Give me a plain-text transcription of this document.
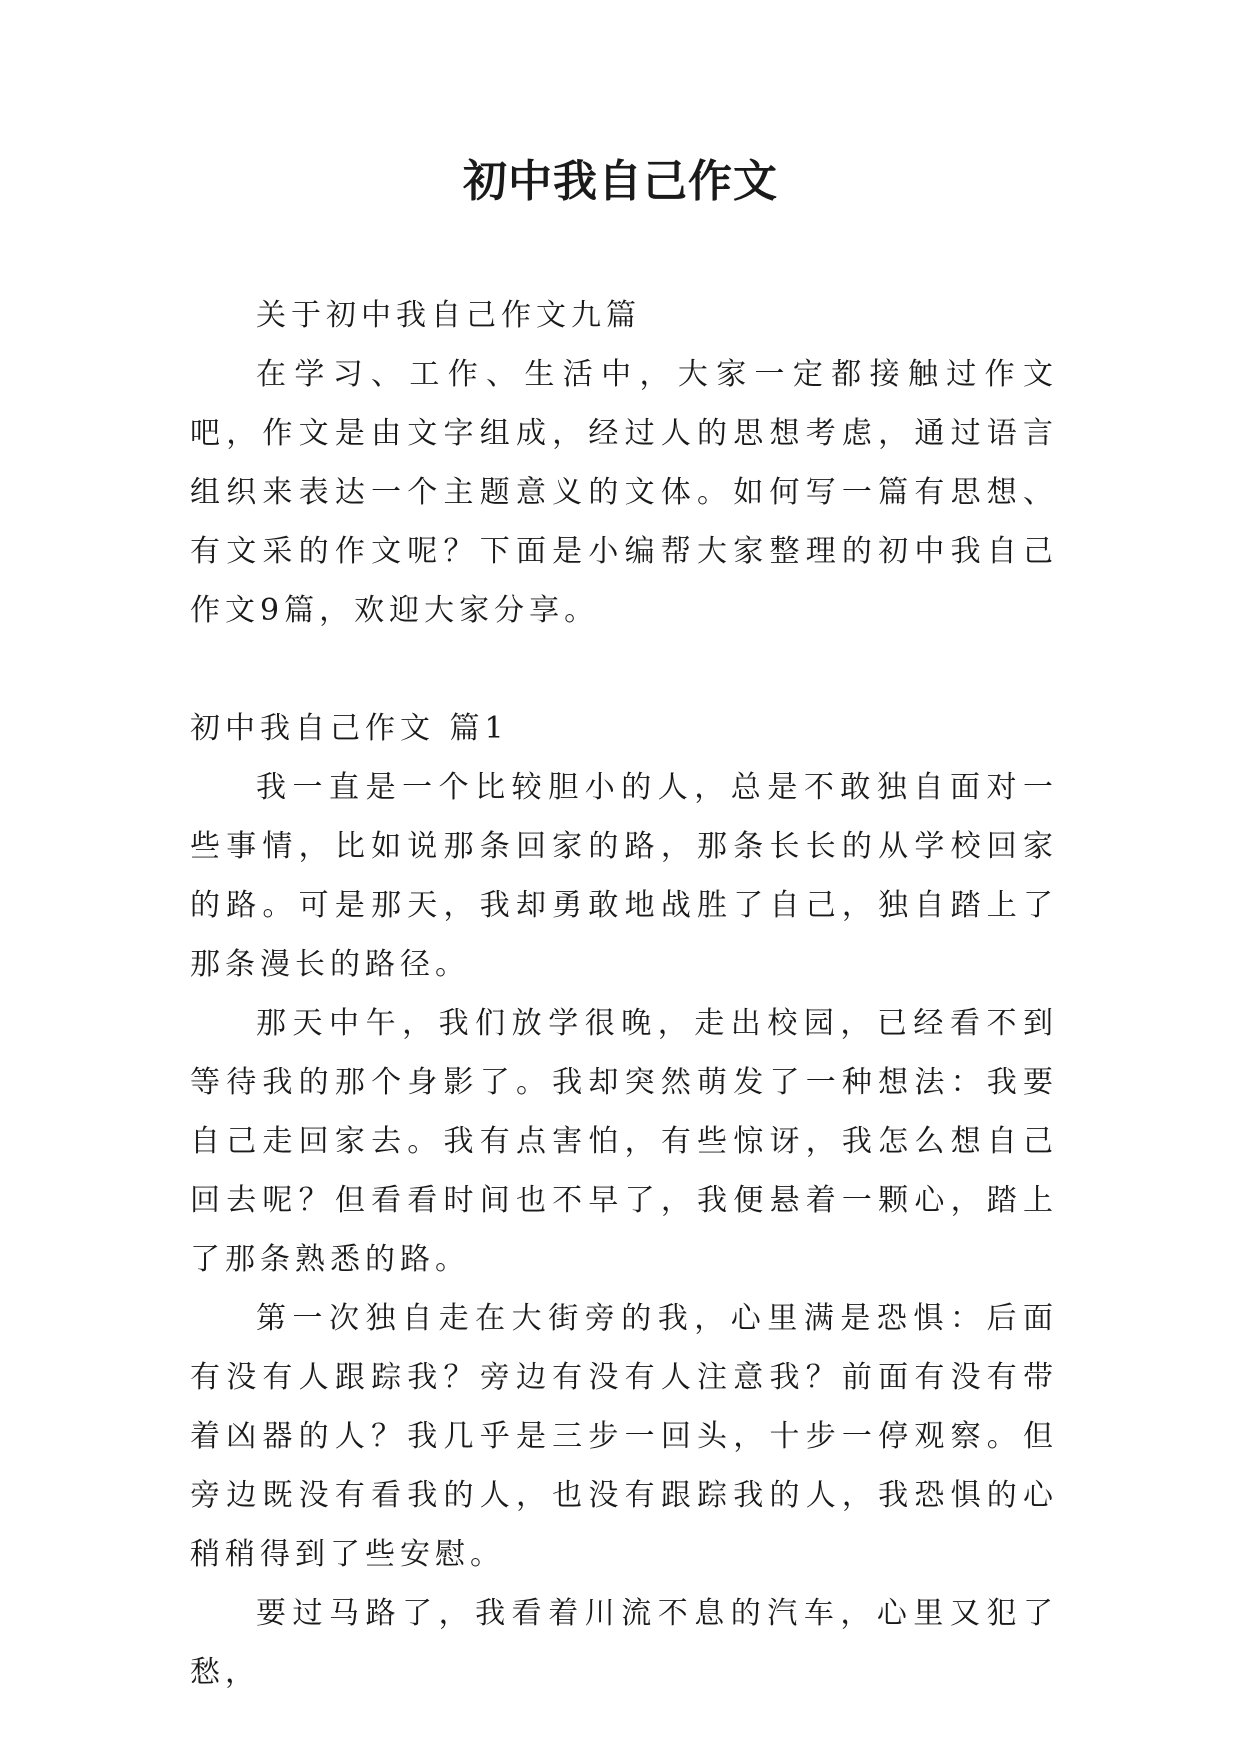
初中我自己作文

关于初中我自己作文九篇

在学习、工作、生活中，大家一定都接触过作文吧，作文是由文字组成，经过人的思想考虑，通过语言组织来表达一个主题意义的文体。如何写一篇有思想、有文采的作文呢？下面是小编帮大家整理的初中我自己作文9篇，欢迎大家分享。

初中我自己作文 篇1

我一直是一个比较胆小的人，总是不敢独自面对一些事情，比如说那条回家的路，那条长长的从学校回家的路。可是那天，我却勇敢地战胜了自己，独自踏上了那条漫长的路径。

那天中午，我们放学很晚，走出校园，已经看不到等待我的那个身影了。我却突然萌发了一种想法：我要自己走回家去。我有点害怕，有些惊讶，我怎么想自己回去呢？但看看时间也不早了，我便悬着一颗心，踏上了那条熟悉的路。

第一次独自走在大街旁的我，心里满是恐惧：后面有没有人跟踪我？旁边有没有人注意我？前面有没有带着凶器的人？我几乎是三步一回头，十步一停观察。但旁边既没有看我的人，也没有跟踪我的人，我恐惧的心稍稍得到了些安慰。

要过马路了，我看着川流不息的汽车，心里又犯了愁，
